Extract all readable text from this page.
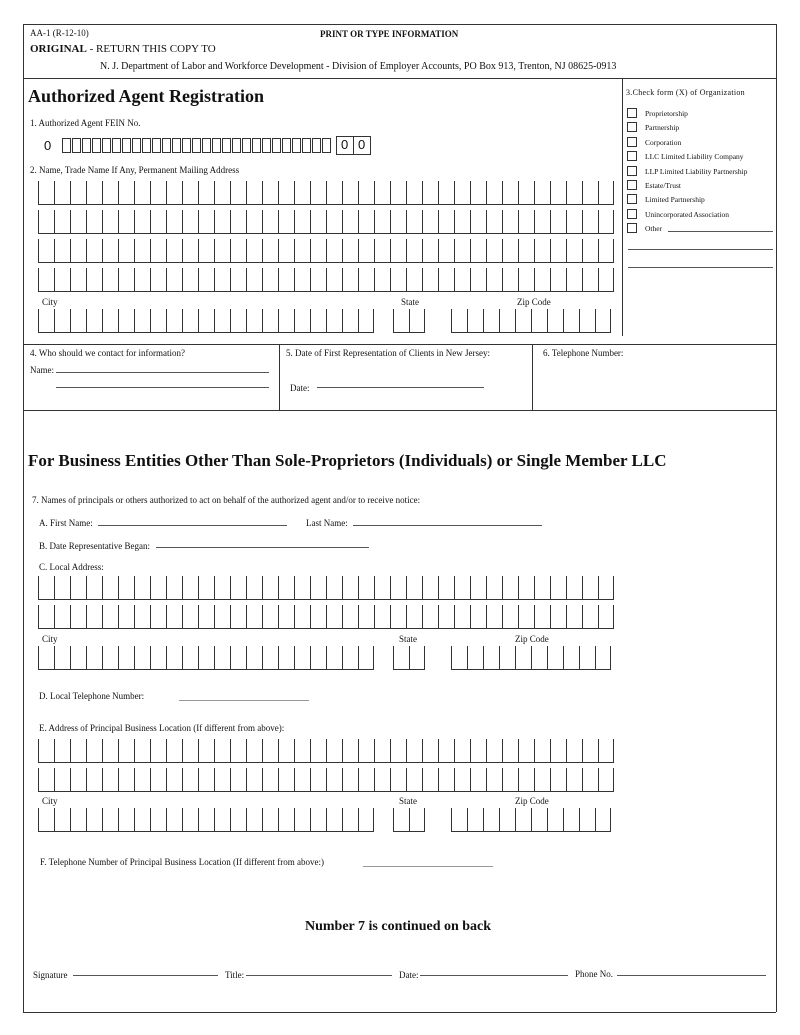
AA-1 (R-12-10)	PRINT OR TYPE INFORMATION
ORIGINAL - RETURN THIS COPY TO
N. J. Department of Labor and Workforce Development - Division of Employer Accounts, PO Box 913, Trenton, NJ 08625-0913
Authorized Agent Registration
1. Authorized Agent FEIN No.
0	0 0
2. Name, Trade Name If Any, Permanent Mailing Address
City	State	Zip Code
3.Check form (X) of Organization
Proprietorship
Partnership
Corporation
LLC Limited Liability Company
LLP Limited Liability Partnership
Estate/Trust
Limited Partnership
Unincorporated Association
Other
4. Who should we contact for information?
Name:
5. Date of First Representation of Clients in New Jersey:
Date:
6. Telephone Number:
For Business Entities Other Than Sole-Proprietors (Individuals) or Single Member LLC
7. Names of principals or others authorized to act on behalf of the authorized agent and/or to receive notice:
A. First Name:	Last Name:
B. Date Representative Began:
C. Local Address:
City	State	Zip Code
D. Local Telephone Number:
E. Address of Principal Business Location (If different from above):
City	State	Zip Code
F. Telephone Number of Principal Business Location (If different from above:)
Number 7 is continued on back
Signature	Title:	Date:	Phone No.
